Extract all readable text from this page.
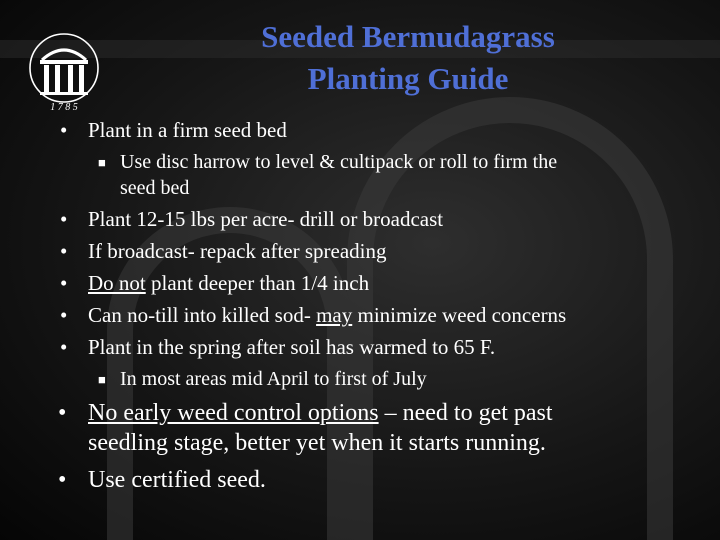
1 7 8 5
Seeded Bermudagrass
Planting Guide
• Plant in a firm seed bed
■ Use disc harrow to level & cultipack or roll to firm the
seed bed
• Plant 12-15 lbs per acre- drill or broadcast
• If broadcast- repack after spreading
• Do not plant deeper than 1/4 inch
• Can no-till into killed sod- may minimize weed concerns
• Plant in the spring after soil has warmed to 65 F.
■ In most areas mid April to first of July
• No early weed control options – need to get past
seedling stage, better yet when it starts running.
• Use certified seed.
